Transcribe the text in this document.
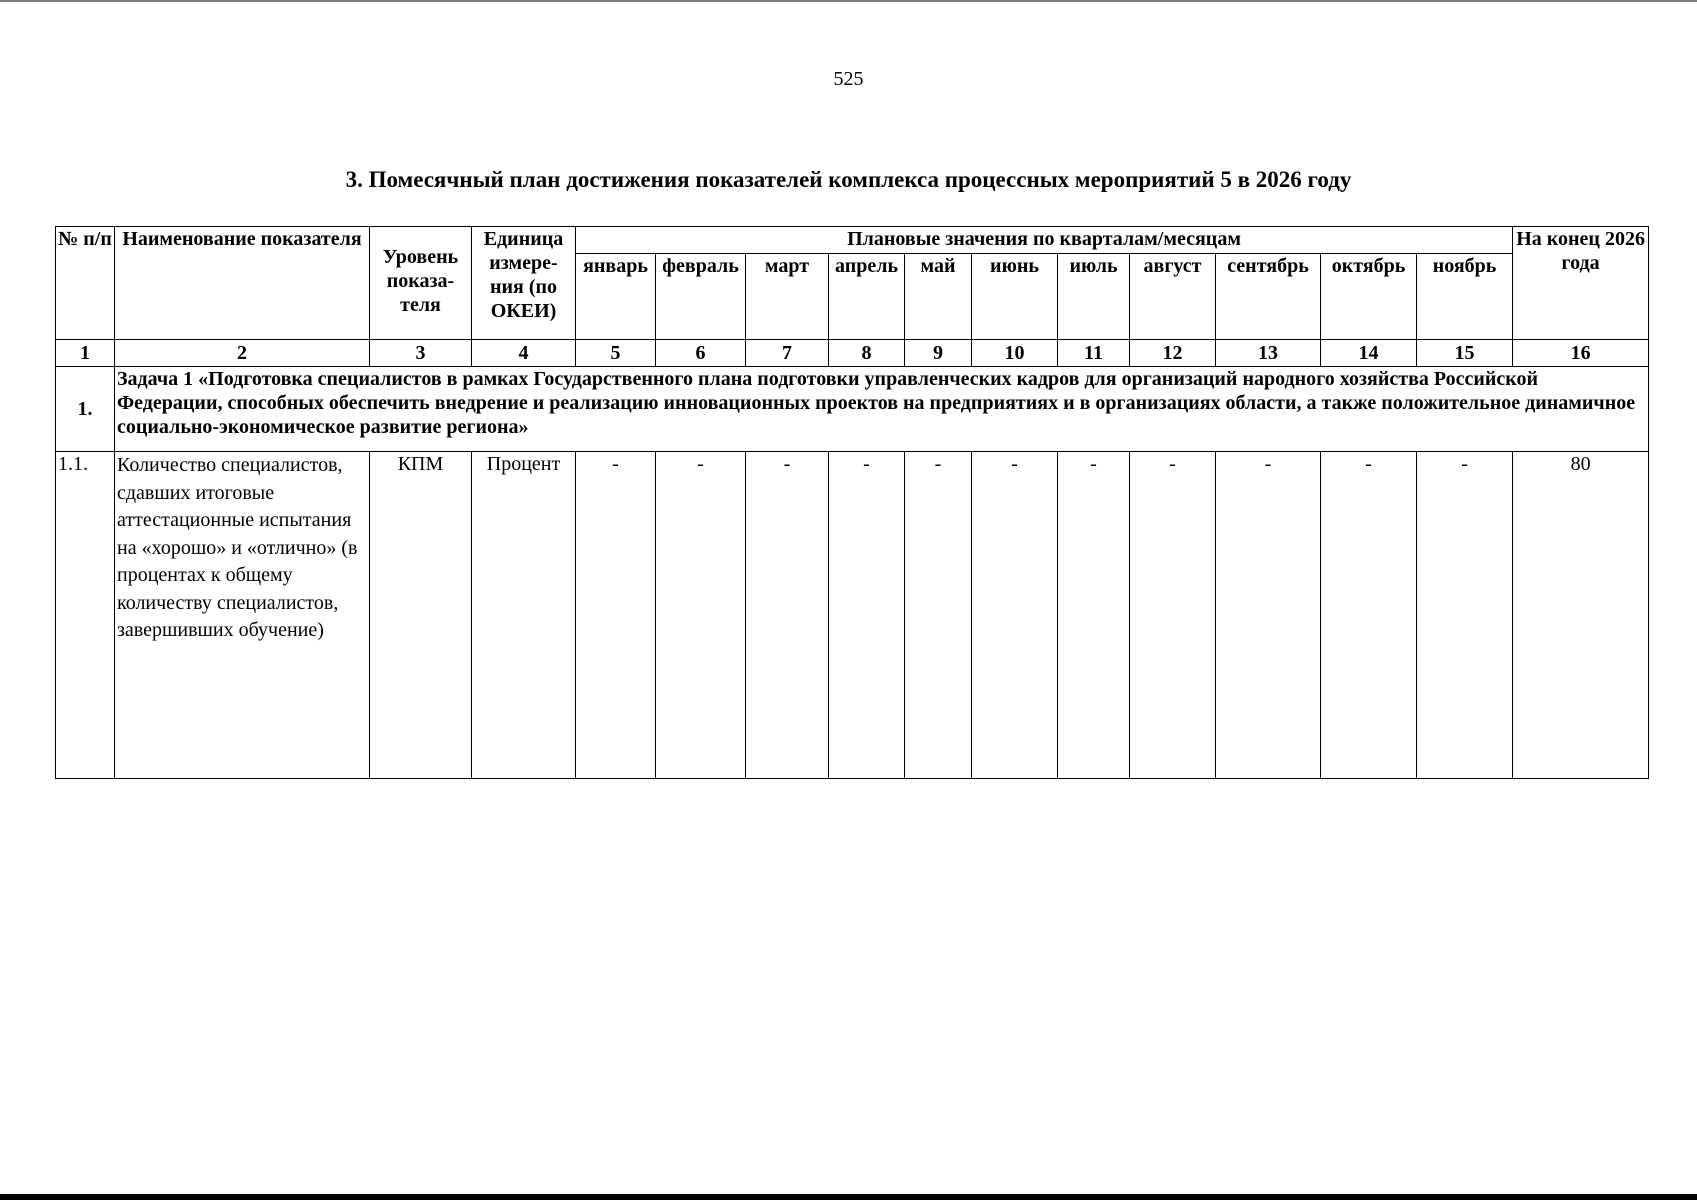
525
3. Помесячный план достижения показателей комплекса процессных мероприятий 5 в 2026 году
№ п/п	Наименование показателя	Уровень показа-теля	Единица измере-ния (по ОКЕИ)	Плановые значения по кварталам/месяцам											На конец 2026 года
				январь	февраль	март	апрель	май	июнь	июль	август	сентябрь	октябрь	ноябрь	
1	2	3	4	5	6	7	8	9	10	11	12	13	14	15	16
1.	Задача 1 «Подготовка специалистов в рамках Государственного плана подготовки управленческих кадров для организаций народного хозяйства Российской Федерации, способных обеспечить внедрение и реализацию инновационных проектов на предприятиях и в организациях области, а также положительное динамичное социально-экономическое развитие региона»														
1.1.	Количество специалистов, сдавших итоговые аттестационные испытания на «хорошо» и «отлично» (в процентах к общему количеству специалистов, завершивших обучение)	КПМ	Процент	-	-	-	-	-	-	-	-	-	-	-	80
